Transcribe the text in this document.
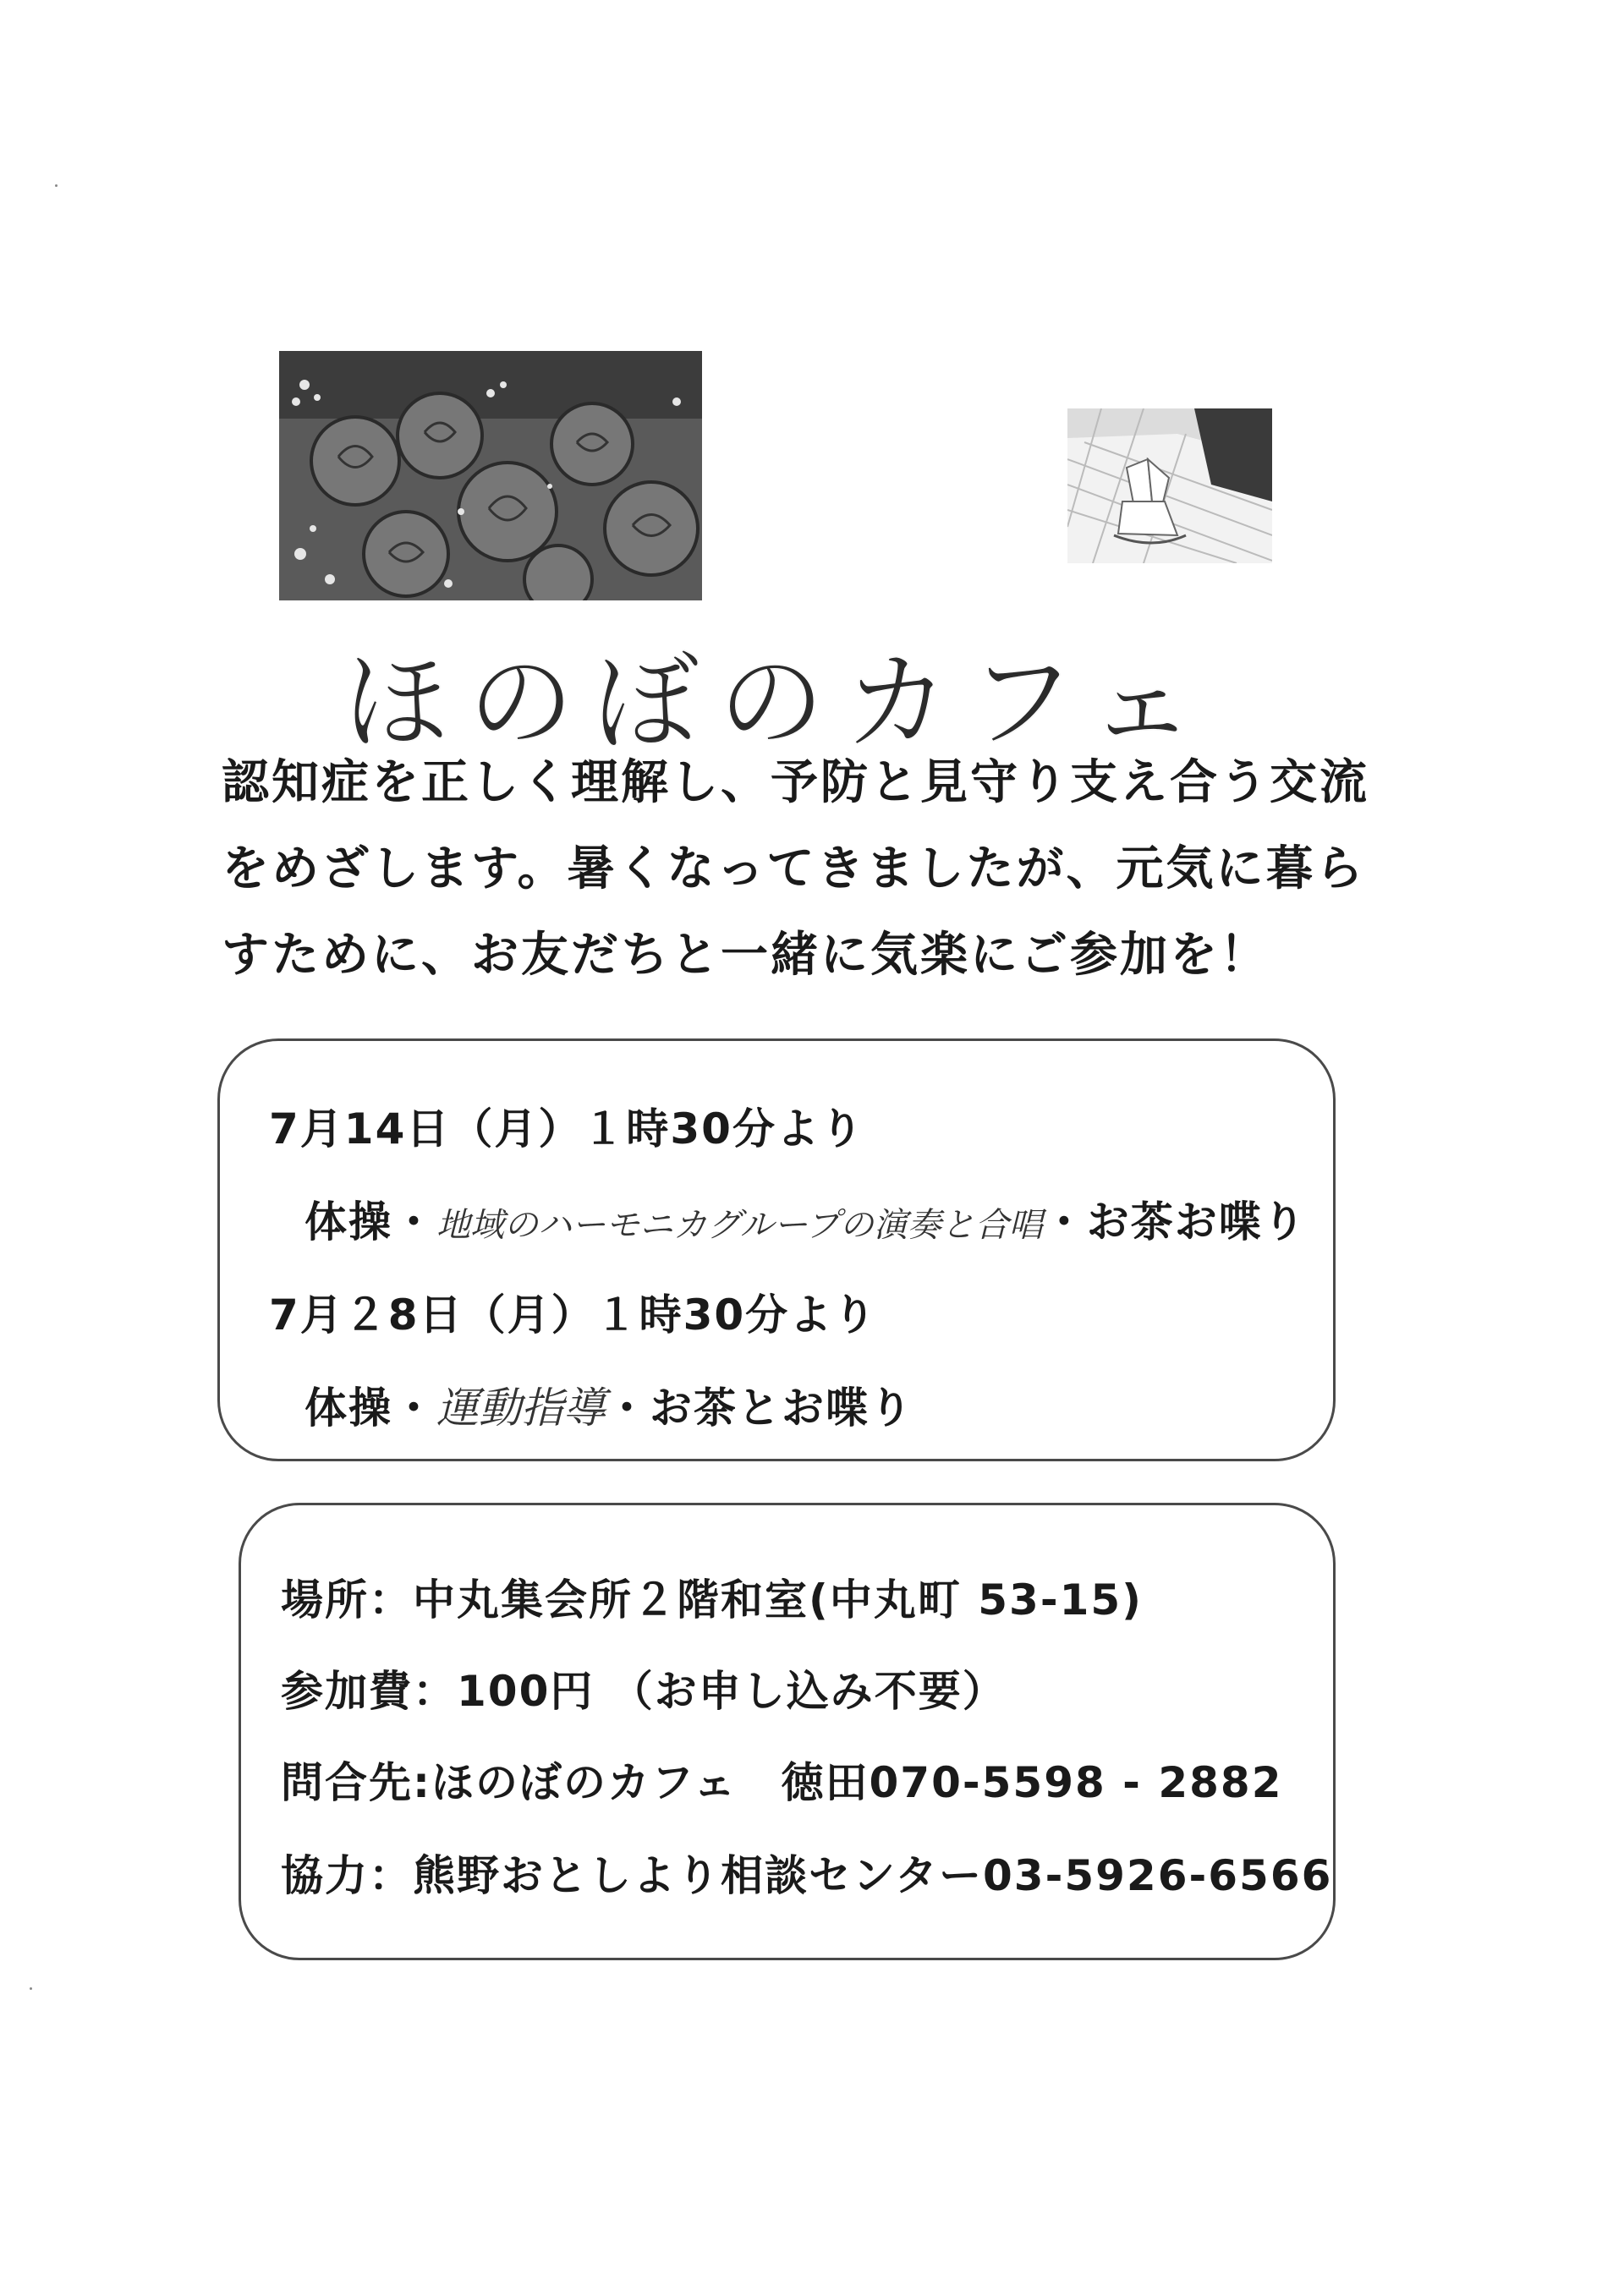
ほのぼのカフェ

認知症を正しく理解し、予防と見守り支え合う交流

をめざします。暑くなってきましたが、元気に暮ら

すために、お友だちと一緒に気楽にご参加を！

7月14日（月）１時30分より
体操・地域のハーモニカグループの演奏と合唱・お茶お喋り
7月２8日（月）１時30分より
体操・運動指導・お茶とお喋り
場所：中丸集会所２階和室(中丸町 53-15)
参加費：100円 （お申し込み不要）
問合先:ほのぼのカフェ　徳田070-5598 - 2882
協力：熊野おとしより相談センター03-5926-6566
